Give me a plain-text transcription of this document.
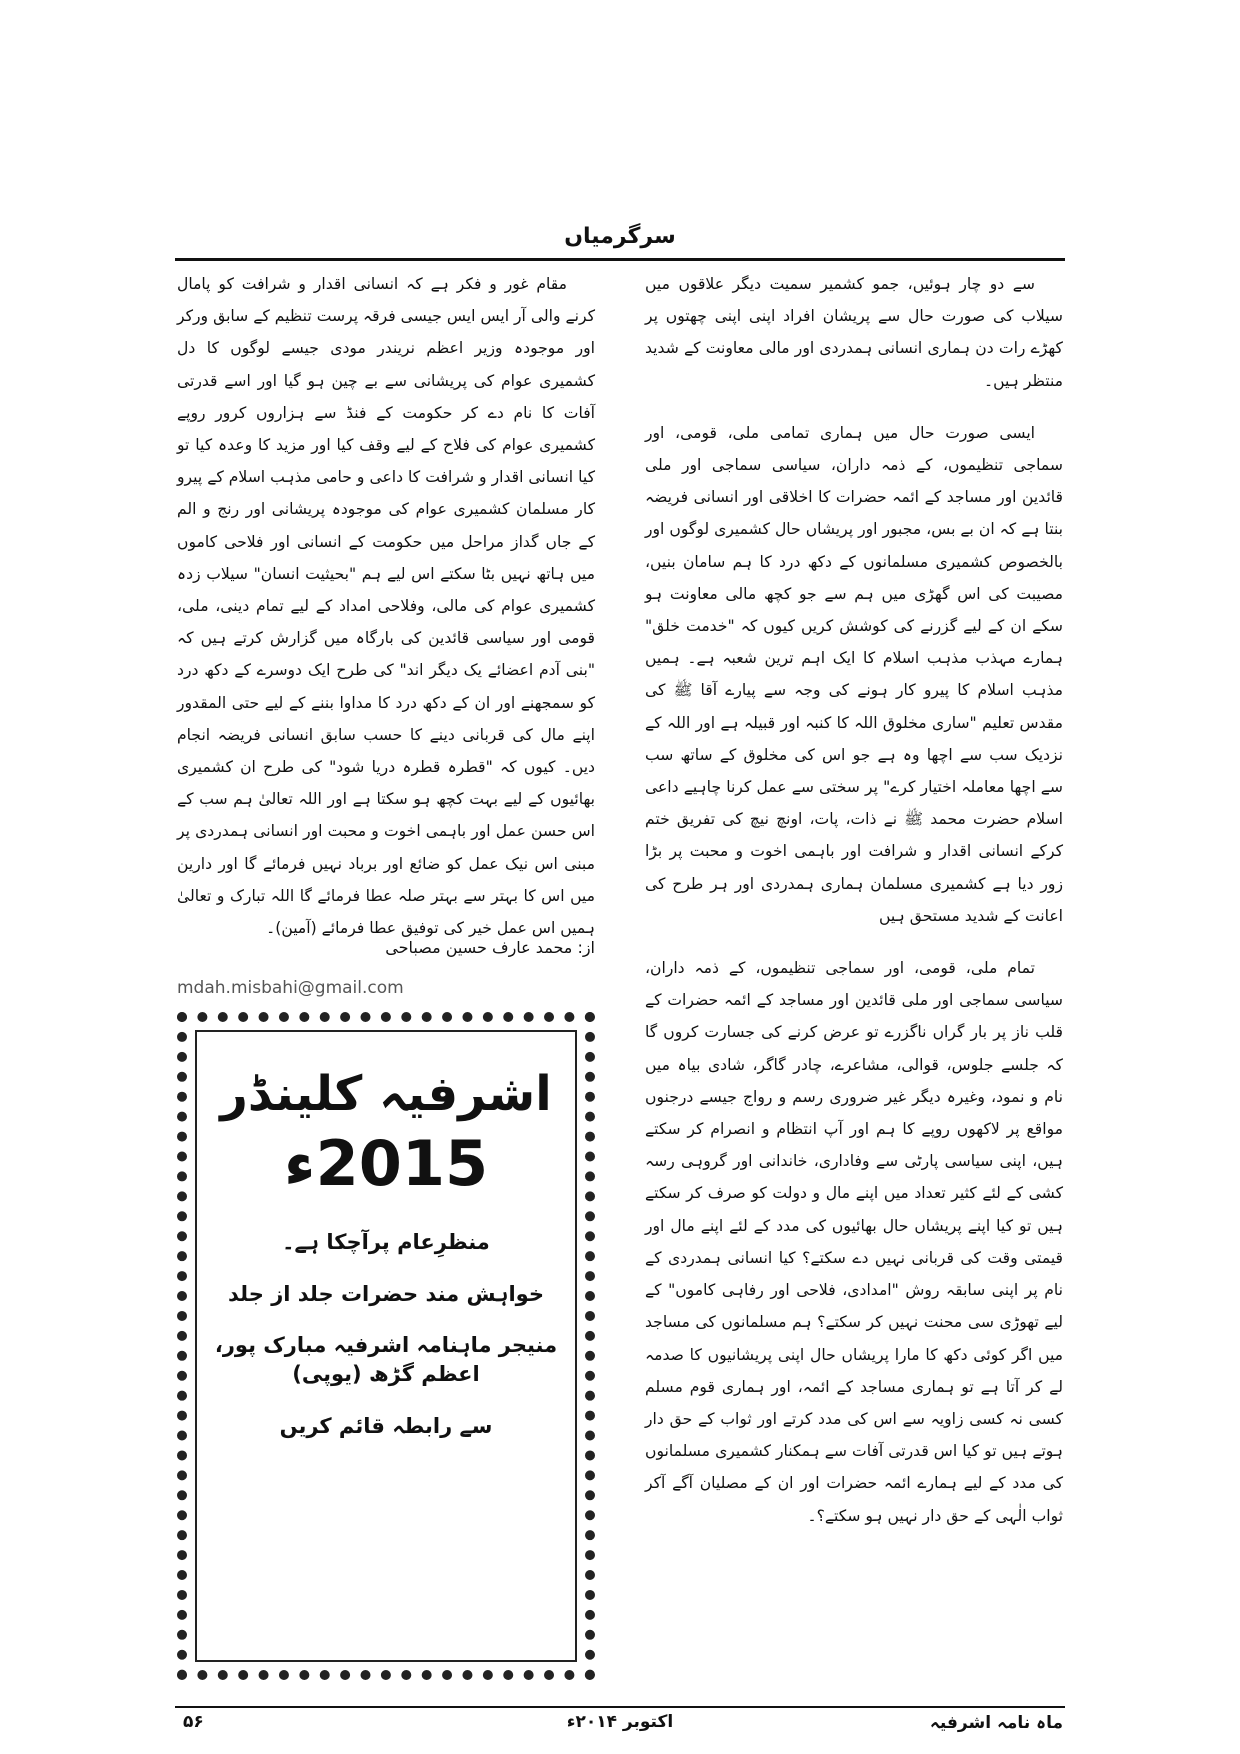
سرگرمیاں

سے دو چار ہوئیں، جمو کشمیر سمیت دیگر علاقوں میں سیلاب کی صورت حال سے پریشان افراد اپنی اپنی چھتوں پر کھڑے رات دن ہماری انسانی ہمدردی اور مالی معاونت کے شدید منتظر ہیں۔

ایسی صورت حال میں ہماری تمامی ملی، قومی، اور سماجی تنظیموں، کے ذمہ داران، سیاسی سماجی اور ملی قائدین اور مساجد کے ائمہ حضرات کا اخلاقی اور انسانی فریضہ بنتا ہے کہ ان بے بس، مجبور اور پریشاں حال کشمیری لوگوں اور بالخصوص کشمیری مسلمانوں کے دکھ درد کا ہم سامان بنیں، مصیبت کی اس گھڑی میں ہم سے جو کچھ مالی معاونت ہو سکے ان کے لیے گزرنے کی کوشش کریں کیوں کہ "خدمت خلق" ہمارے مہذب مذہب اسلام کا ایک اہم ترین شعبہ ہے۔ ہمیں مذہب اسلام کا پیرو کار ہونے کی وجہ سے پیارے آقا ﷺ کی مقدس تعلیم "ساری مخلوق اللہ کا کنبہ اور قبیلہ ہے اور اللہ کے نزدیک سب سے اچھا وہ ہے جو اس کی مخلوق کے ساتھ سب سے اچھا معاملہ اختیار کرے" پر سختی سے عمل کرنا چاہیے داعی اسلام حضرت محمد ﷺ نے ذات، پات، اونچ نیچ کی تفریق ختم کرکے انسانی اقدار و شرافت اور باہمی اخوت و محبت پر بڑا زور دیا ہے کشمیری مسلمان ہماری ہمدردی اور ہر طرح کی اعانت کے شدید مستحق ہیں

تمام ملی، قومی، اور سماجی تنظیموں، کے ذمہ داران، سیاسی سماجی اور ملی قائدین اور مساجد کے ائمہ حضرات کے قلب ناز پر بار گراں ناگزرے تو عرض کرنے کی جسارت کروں گا کہ جلسے جلوس، قوالی، مشاعرے، چادر گاگر، شادی بیاہ میں نام و نمود، وغیرہ دیگر غیر ضروری رسم و رواج جیسے درجنوں مواقع پر لاکھوں روپے کا ہم اور آپ انتظام و انصرام کر سکتے ہیں، اپنی سیاسی پارٹی سے وفاداری، خاندانی اور گروہی رسہ کشی کے لئے کثیر تعداد میں اپنے مال و دولت کو صرف کر سکتے ہیں تو کیا اپنے پریشاں حال بھائیوں کی مدد کے لئے اپنے مال اور قیمتی وقت کی قربانی نہیں دے سکتے؟ کیا انسانی ہمدردی کے نام پر اپنی سابقہ روش "امدادی، فلاحی اور رفاہی کاموں" کے لیے تھوڑی سی محنت نہیں کر سکتے؟ ہم مسلمانوں کی مساجد میں اگر کوئی دکھ کا مارا پریشاں حال اپنی پریشانیوں کا صدمہ لے کر آتا ہے تو ہماری مساجد کے ائمہ، اور ہماری قوم مسلم کسی نہ کسی زاویہ سے اس کی مدد کرتے اور ثواب کے حق دار ہوتے ہیں تو کیا اس قدرتی آفات سے ہمکنار کشمیری مسلمانوں کی مدد کے لیے ہمارے ائمہ حضرات اور ان کے مصلیان آگے آکر ثواب الٰہی کے حق دار نہیں ہو سکتے؟۔

مقام غور و فکر ہے کہ انسانی اقدار و شرافت کو پامال کرنے والی آر ایس ایس جیسی فرقہ پرست تنظیم کے سابق ورکر اور موجودہ وزیر اعظم نریندر مودی جیسے لوگوں کا دل کشمیری عوام کی پریشانی سے بے چین ہو گیا اور اسے قدرتی آفات کا نام دے کر حکومت کے فنڈ سے ہزاروں کرور روپے کشمیری عوام کی فلاح کے لیے وقف کیا اور مزید کا وعدہ کیا تو کیا انسانی اقدار و شرافت کا داعی و حامی مذہب اسلام کے پیرو کار مسلمان کشمیری عوام کی موجودہ پریشانی اور رنج و الم کے جاں گداز مراحل میں حکومت کے انسانی اور فلاحی کاموں میں ہاتھ نہیں بٹا سکتے اس لیے ہم "بحیثیت انسان" سیلاب زدہ کشمیری عوام کی مالی، وفلاحی امداد کے لیے تمام دینی، ملی، قومی اور سیاسی قائدین کی بارگاہ میں گزارش کرتے ہیں کہ "بنی آدم اعضائے یک دیگر اند" کی طرح ایک دوسرے کے دکھ درد کو سمجھنے اور ان کے دکھ درد کا مداوا بننے کے لیے حتی المقدور اپنے مال کی قربانی دینے کا حسب سابق انسانی فریضہ انجام دیں۔ کیوں کہ "قطرہ قطرہ دریا شود" کی طرح ان کشمیری بھائیوں کے لیے بہت کچھ ہو سکتا ہے اور اللہ تعالیٰ ہم سب کے اس حسن عمل اور باہمی اخوت و محبت اور انسانی ہمدردی پر مبنی اس نیک عمل کو ضائع اور برباد نہیں فرمائے گا اور دارین میں اس کا بہتر سے بہتر صلہ عطا فرمائے گا اللہ تبارک و تعالیٰ ہمیں اس عمل خیر کی توفیق عطا فرمائے (آمین)۔

از: محمد عارف حسین مصباحی
mdah.misbahi@gmail.com
اشرفیہ کلینڈر
2015ء
منظرِعام پرآچکا ہے۔
خواہش مند حضرات جلد از جلد
منیجر ماہنامہ اشرفیہ مبارک پور، اعظم گڑھ (یوپی)
سے رابطہ قائم کریں
۵۶	اکتوبر ۲۰۱۴ء	ماہ نامہ اشرفیہ
